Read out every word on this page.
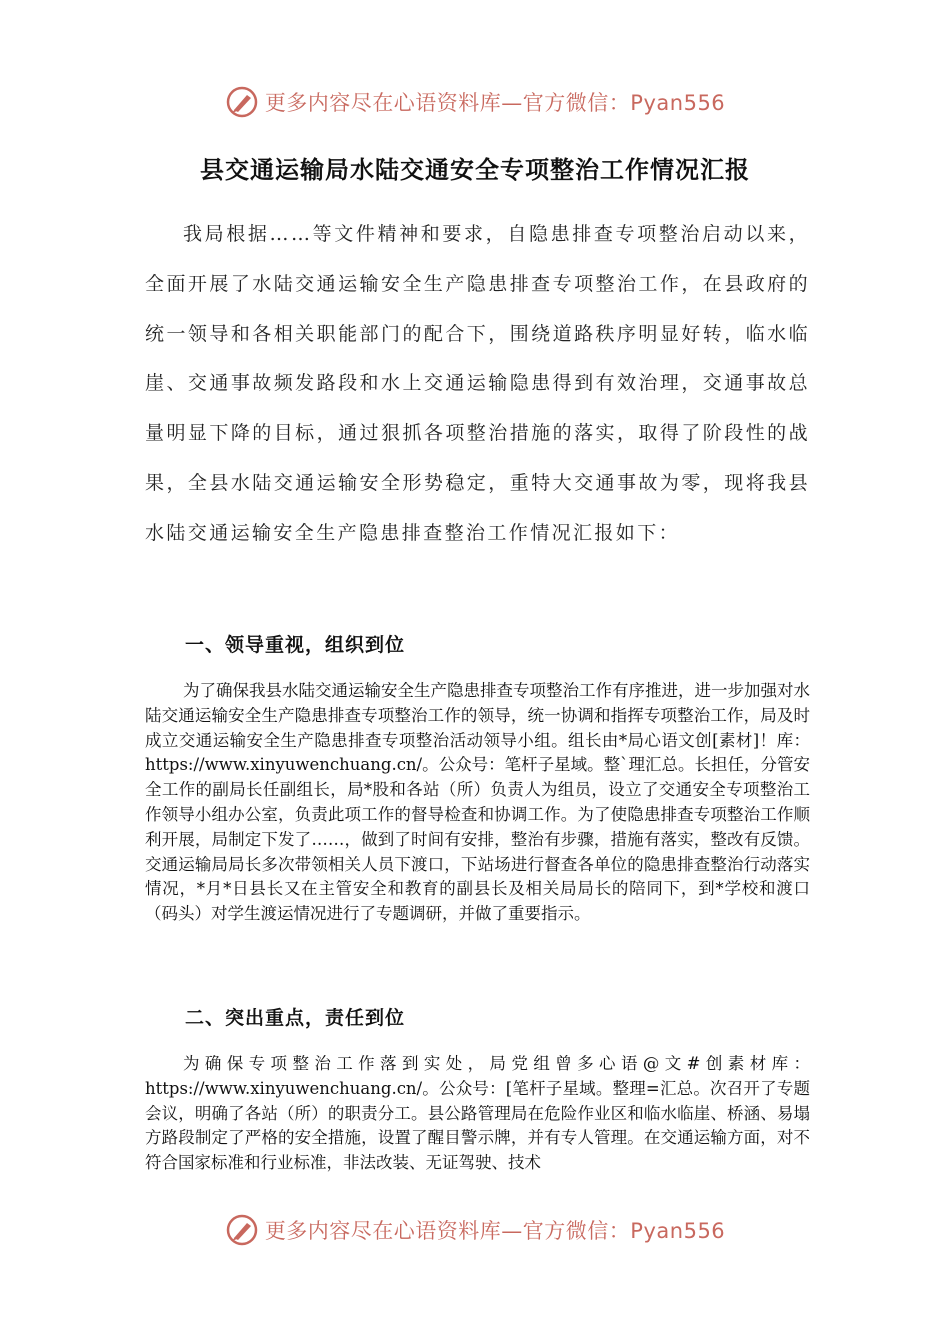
更多内容尽在心语资料库—官方微信：Pyan556
县交通运输局水陆交通安全专项整治工作情况汇报
我局根据……等文件精神和要求，自隐患排查专项整治启动以来，全面开展了水陆交通运输安全生产隐患排查专项整治工作，在县政府的统一领导和各相关职能部门的配合下，围绕道路秩序明显好转，临水临崖、交通事故频发路段和水上交通运输隐患得到有效治理，交通事故总量明显下降的目标，通过狠抓各项整治措施的落实，取得了阶段性的战果，全县水陆交通运输安全形势稳定，重特大交通事故为零，现将我县水陆交通运输安全生产隐患排查整治工作情况汇报如下：
一、领导重视，组织到位
为了确保我县水陆交通运输安全生产隐患排查专项整治工作有序推进，进一步加强对水陆交通运输安全生产隐患排查专项整治工作的领导，统一协调和指挥专项整治工作，局及时成立交通运输安全生产隐患排查专项整治活动领导小组。组长由*局心语文创[素材]！库：https://www.xinyuwenchuang.cn/。公众号：笔杆子星域。整`理汇总。长担任，分管安全工作的副局长任副组长，局*股和各站（所）负责人为组员，设立了交通安全专项整治工作领导小组办公室，负责此项工作的督导检查和协调工作。为了使隐患排查专项整治工作顺利开展，局制定下发了……，做到了时间有安排，整治有步骤，措施有落实，整改有反馈。交通运输局局长多次带领相关人员下渡口，下站场进行督查各单位的隐患排查整治行动落实情况，*月*日县长又在主管安全和教育的副县长及相关局局长的陪同下，到*学校和渡口（码头）对学生渡运情况进行了专题调研，并做了重要指示。
二、突出重点，责任到位
为确保专项整治工作落到实处，局党组曾多心语@文#创素材库：https://www.xinyuwenchuang.cn/。公众号：[笔杆子星域。整理=汇总。次召开了专题会议，明确了各站（所）的职责分工。县公路管理局在危险作业区和临水临崖、桥涵、易塌方路段制定了严格的安全措施，设置了醒目警示牌，并有专人管理。在交通运输方面，对不符合国家标准和行业标准，非法改装、无证驾驶、技术
更多内容尽在心语资料库—官方微信：Pyan556
